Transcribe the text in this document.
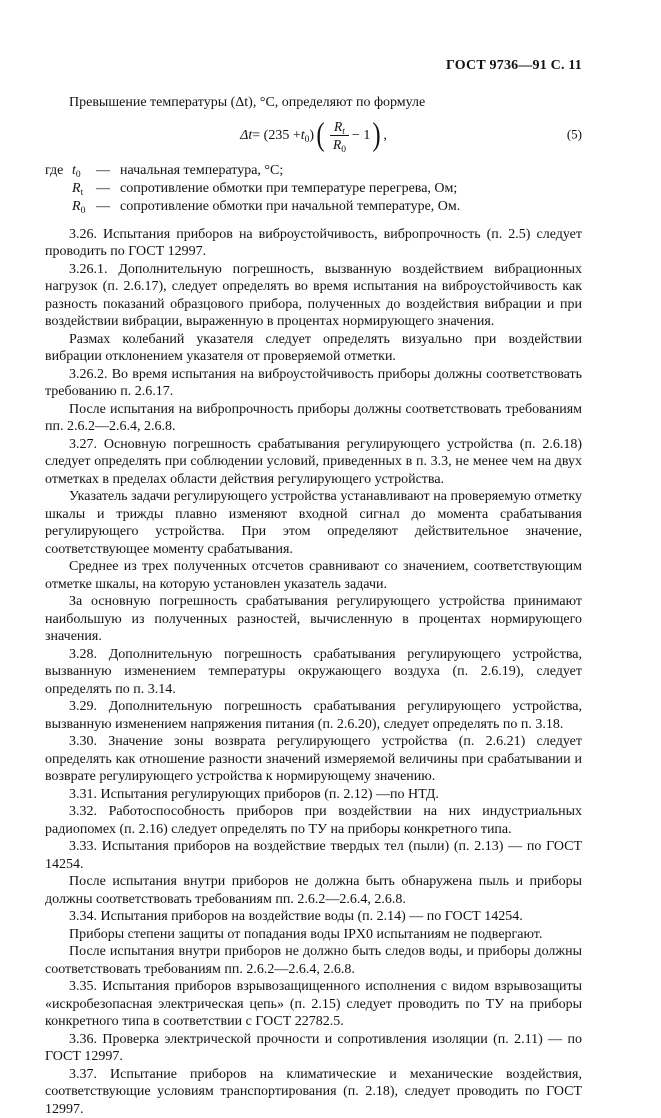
ГОСТ 9736—91 С. 11

Превышение температуры (Δt), °С, определяют по формуле

$\Delta t = (235 + t_0$ ) ( $\frac{R_t}{R_0} - 1$ ) ,	(5)
где $t_0$	— начальная температура, °С;
$R_t$ — сопротивление обмотки при температуре перегрева, Ом;
$R_0$ — сопротивление обмотки при начальной температуре, Ом.

3.26. Испытания приборов на виброустойчивость, вибропрочность (п. 2.5) следует проводить по ГОСТ 12997.

3.26.1. Дополнительную погрешность, вызванную воздействием вибрационных нагрузок (п. 2.6.17), следует определять во время испытания на виброустойчивость как разность показаний образцового прибора, полученных до воздействия вибрации и при воздействии вибрации, выраженную в процентах нормирующего значения.

Размах колебаний указателя следует определять визуально при воздействии вибрации отклонением указателя от проверяемой отметки.

3.26.2. Во время испытания на виброустойчивость приборы должны соответствовать требованию п. 2.6.17.

После испытания на вибропрочность приборы должны соответствовать требованиям пп. 2.6.2—2.6.4, 2.6.8.

3.27. Основную погрешность срабатывания регулирующего устройства (п. 2.6.18) следует определять при соблюдении условий, приведенных в п. 3.3, не менее чем на двух отметках в пределах области действия регулирующего устройства.

Указатель задачи регулирующего устройства устанавливают на проверяемую отметку шкалы и трижды плавно изменяют входной сигнал до момента срабатывания регулирующего устройства. При этом определяют действительное значение, соответствующее моменту срабатывания.

Среднее из трех полученных отсчетов сравнивают со значением, соответствующим отметке шкалы, на которую установлен указатель задачи.

За основную погрешность срабатывания регулирующего устройства принимают наибольшую из полученных разностей, вычисленную в процентах нормирующего значения.

3.28. Дополнительную погрешность срабатывания регулирующего устройства, вызванную изменением температуры окружающего воздуха (п. 2.6.19), следует определять по п. 3.14.

3.29. Дополнительную погрешность срабатывания регулирующего устройства, вызванную изменением напряжения питания (п. 2.6.20), следует определять по п. 3.18.

3.30. Значение зоны возврата регулирующего устройства (п. 2.6.21) следует определять как отношение разности значений измеряемой величины при срабатывании и возврате регулирующего устройства к нормирующему значению.

3.31. Испытания регулирующих приборов (п. 2.12) —по НТД.

3.32. Работоспособность приборов при воздействии на них индустриальных радиопомех (п. 2.16) следует определять по ТУ на приборы конкретного типа.

3.33. Испытания приборов на воздействие твердых тел (пыли) (п. 2.13) — по ГОСТ 14254.

После испытания внутри приборов не должна быть обнаружена пыль и приборы должны соответствовать требованиям пп. 2.6.2—2.6.4, 2.6.8.

3.34. Испытания приборов на воздействие воды (п. 2.14) — по ГОСТ 14254.

Приборы степени защиты от попадания воды IPX0 испытаниям не подвергают.

После испытания внутри приборов не должно быть следов воды, и приборы должны соответствовать требованиям пп. 2.6.2—2.6.4, 2.6.8.

3.35. Испытания приборов взрывозащищенного исполнения с видом взрывозащиты «искробезопасная электрическая цепь» (п. 2.15) следует проводить по ТУ на приборы конкретного типа в соответствии с ГОСТ 22782.5.

3.36. Проверка электрической прочности и сопротивления изоляции (п. 2.11) — по ГОСТ 12997.

3.37. Испытание приборов на климатические и механические воздействия, соответствующие условиям транспортирования (п. 2.18), следует проводить по ГОСТ 12997.
